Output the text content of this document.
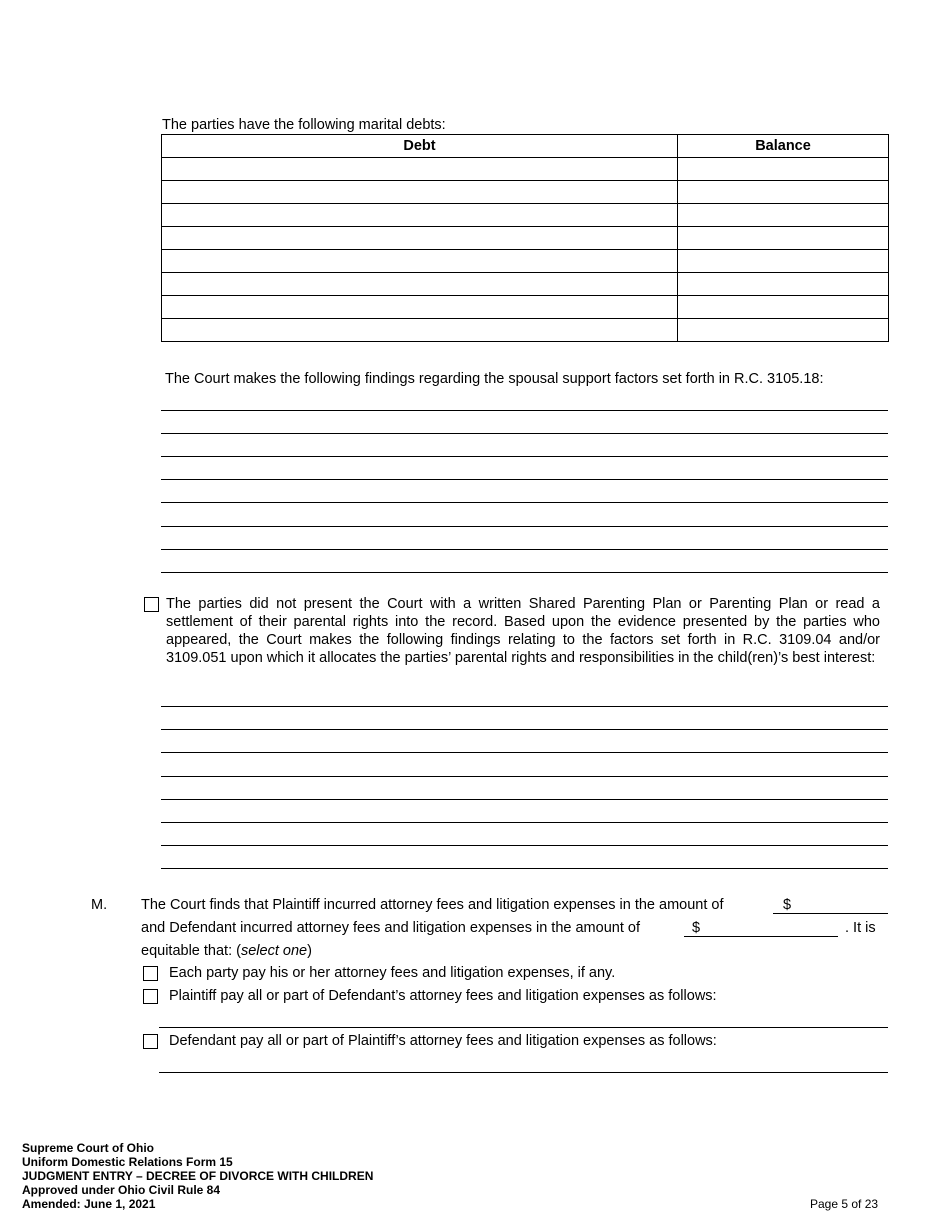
The parties have the following marital debts:
Debt	Balance

The Court makes the following findings regarding the spousal support factors set forth in R.C. 3105.18:
The parties did not present the Court with a written Shared Parenting Plan or Parenting Plan or read a settlement of their parental rights into the record. Based upon the evidence presented by the parties who appeared, the Court makes the following findings relating to the factors set forth in R.C. 3109.04 and/or 3109.051 upon which it allocates the parties’ parental rights and responsibilities in the child(ren)’s best interest:
M. The Court finds that Plaintiff incurred attorney fees and litigation expenses in the amount of	$
and Defendant incurred attorney fees and litigation expenses in the amount of	$	. It is
equitable that: (select one)
Each party pay his or her attorney fees and litigation expenses, if any.
Plaintiff pay all or part of Defendant’s attorney fees and litigation expenses as follows:
Defendant pay all or part of Plaintiff’s attorney fees and litigation expenses as follows:
Supreme Court of Ohio
Uniform Domestic Relations Form 15
JUDGMENT ENTRY – DECREE OF DIVORCE WITH CHILDREN
Approved under Ohio Civil Rule 84
Amended: June 1, 2021	Page 5 of 23
